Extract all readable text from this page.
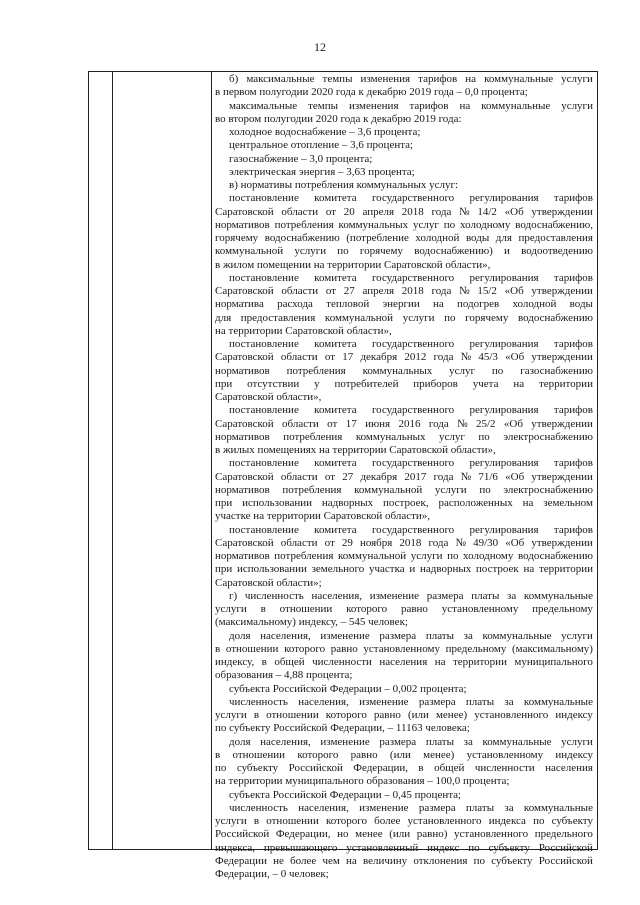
12
б) максимальные темпы изменения тарифов на коммунальные услуги
в первом полугодии 2020 года к декабрю 2019 года – 0,0 процента;
максимальные темпы изменения тарифов на коммунальные услуги
во втором полугодии 2020 года к декабрю 2019 года:
холодное водоснабжение – 3,6 процента;
центральное отопление – 3,6 процента;
газоснабжение – 3,0 процента;
электрическая энергия – 3,63 процента;
в) нормативы потребления коммунальных услуг:
постановление комитета государственного регулирования тарифов
Саратовской области от 20 апреля 2018 года № 14/2 «Об утверждении
нормативов потребления коммунальных услуг по холодному водоснабжению,
горячему водоснабжению (потребление холодной воды для предоставления
коммунальной услуги по горячему водоснабжению) и водоотведению
в жилом помещении на территории Саратовской области»,
постановление комитета государственного регулирования тарифов
Саратовской области от 27 апреля 2018 года № 15/2 «Об утверждении
норматива расхода тепловой энергии на подогрев холодной воды
для предоставления коммунальной услуги по горячему водоснабжению
на территории Саратовской области»,
постановление комитета государственного регулирования тарифов
Саратовской области от 17 декабря 2012 года № 45/3 «Об утверждении
нормативов потребления коммунальных услуг по газоснабжению
при отсутствии у потребителей приборов учета на территории
Саратовской области»,
постановление комитета государственного регулирования тарифов
Саратовской области от 17 июня 2016 года № 25/2 «Об утверждении
нормативов потребления коммунальных услуг по электроснабжению
в жилых помещениях на территории Саратовской области»,
постановление комитета государственного регулирования тарифов
Саратовской области от 27 декабря 2017 года № 71/6 «Об утверждении
нормативов потребления коммунальной услуги по электроснабжению
при использовании надворных построек, расположенных на земельном
участке на территории Саратовской области»,
постановление комитета государственного регулирования тарифов
Саратовской области от 29 ноября 2018 года № 49/30 «Об утверждении
нормативов потребления коммунальной услуги по холодному водоснабжению
при использовании земельного участка и надворных построек на территории
Саратовской области»;
г) численность населения, изменение размера платы за коммунальные
услуги в отношении которого равно установленному предельному
(максимальному) индексу, – 545 человек;
доля населения, изменение размера платы за коммунальные услуги
в отношении которого равно установленному предельному (максимальному)
индексу, в общей численности населения на территории муниципального
образования – 4,88 процента;
субъекта Российской Федерации – 0,002 процента;
численность населения, изменение размера платы за коммунальные
услуги в отношении которого равно (или менее) установленного индексу
по субъекту Российской Федерации, – 11163 человека;
доля населения, изменение размера платы за коммунальные услуги
в отношении которого равно (или менее) установленному индексу
по субъекту Российской Федерации, в общей численности населения
на территории муниципального образования – 100,0 процента;
субъекта Российской Федерации – 0,45 процента;
численность населения, изменение размера платы за коммунальные
услуги в отношении которого более установленного индекса по субъекту
Российской Федерации, но менее (или равно) установленного предельного
индекса, превышающего установленный индекс по субъекту Российской
Федерации не более чем на величину отклонения по субъекту Российской
Федерации, – 0 человек;
